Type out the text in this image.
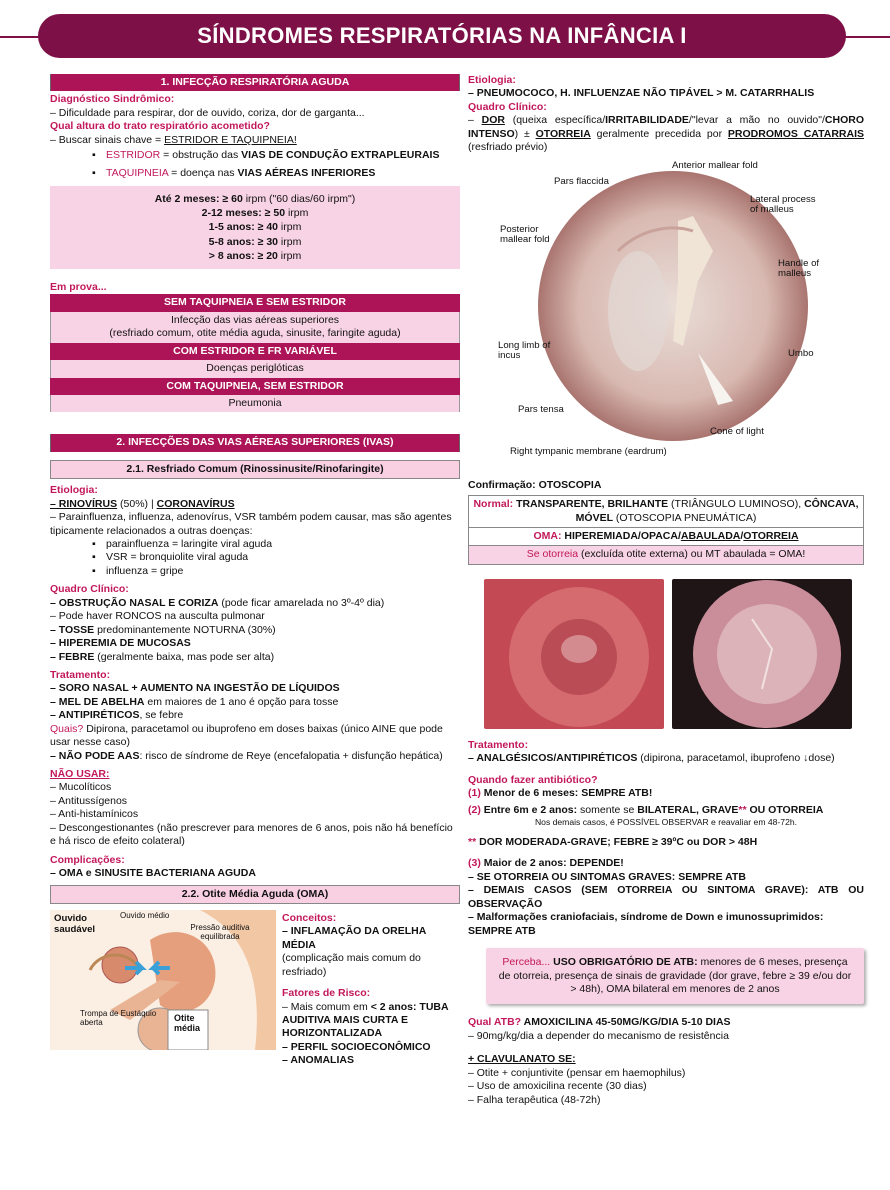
SÍNDROMES RESPIRATÓRIAS NA INFÂNCIA I
1. INFECÇÃO RESPIRATÓRIA AGUDA
Diagnóstico Sindrômico:
– Dificuldade para respirar, dor de ouvido, coriza, dor de garganta...
Qual altura do trato respiratório acometido?
– Buscar sinais chave = ESTRIDOR E TAQUIPNEIA!
▪ ESTRIDOR = obstrução das VIAS DE CONDUÇÃO EXTRAPLEURAIS
▪ TAQUIPNEIA = doença nas VIAS AÉREAS INFERIORES
Até 2 meses: ≥ 60 irpm ("60 dias/60 irpm")
2-12 meses: ≥ 50 irpm
1-5 anos: ≥ 40 irpm
5-8 anos: ≥ 30 irpm
> 8 anos: ≥ 20 irpm
Em prova...
SEM TAQUIPNEIA E SEM ESTRIDOR
Infecção das vias aéreas superiores
(resfriado comum, otite média aguda, sinusite, faringite aguda)
COM ESTRIDOR E FR VARIÁVEL
Doenças periglóticas
COM TAQUIPNEIA, SEM ESTRIDOR
Pneumonia
2. INFECÇÕES DAS VIAS AÉREAS SUPERIORES (IVAS)
2.1. Resfriado Comum (Rinossinusite/Rinofaringite)
Etiologia:
– RINOVÍRUS (50%) | CORONAVÍRUS
– Parainfluenza, influenza, adenovírus, VSR também podem causar, mas são agentes tipicamente relacionados a outras doenças:
▪ parainfluenza = laringite viral aguda
▪ VSR = bronquiolite viral aguda
▪ influenza = gripe
Quadro Clínico:
– OBSTRUÇÃO NASAL E CORIZA (pode ficar amarelada no 3º-4º dia)
– Pode haver RONCOS na ausculta pulmonar
– TOSSE predominantemente NOTURNA (30%)
– HIPEREMIA DE MUCOSAS
– FEBRE (geralmente baixa, mas pode ser alta)
Tratamento:
– SORO NASAL + AUMENTO NA INGESTÃO DE LÍQUIDOS
– MEL DE ABELHA em maiores de 1 ano é opção para tosse
– ANTIPIRÉTICOS, se febre
Quais? Dipirona, paracetamol ou ibuprofeno em doses baixas (único AINE que pode usar nesse caso)
– NÃO PODE AAS: risco de síndrome de Reye (encefalopatia + disfunção hepática)
NÃO USAR:
– Mucolíticos
– Antitussígenos
– Anti-histamínicos
– Descongestionantes (não prescrever para menores de 6 anos, pois não há benefício e há risco de efeito colateral)
Complicações:
– OMA e SINUSITE BACTERIANA AGUDA
2.2. Otite Média Aguda (OMA)
Ouvido saudável
Ouvido médio
Pressão auditiva equilibrada
Trompa de Eustáquio aberta	Otite média
Conceitos:
– INFLAMAÇÃO DA ORELHA MÉDIA
(complicação mais comum do resfriado)
Fatores de Risco:
– Mais comum em < 2 anos: TUBA AUDITIVA MAIS CURTA E HORIZONTALIZADA
– PERFIL SOCIOECONÔMICO
– ANOMALIAS
Etiologia:
– PNEUMOCOCO, H. INFLUENZAE NÃO TIPÁVEL > M. CATARRHALIS
Quadro Clínico:
– DOR (queixa específica/IRRITABILIDADE/"levar a mão no ouvido"/CHORO INTENSO) ± OTORREIA geralmente precedida por PRODROMOS CATARRAIS (resfriado prévio)
Anterior mallear fold
Pars flaccida
Lateral process of malleus
Posterior mallear fold
Handle of malleus
Long limb of incus	Umbo
Pars tensa
Cone of light
Right tympanic membrane (eardrum)
Confirmação: OTOSCOPIA
Normal: TRANSPARENTE, BRILHANTE (TRIÂNGULO LUMINOSO), CÔNCAVA, MÓVEL (OTOSCOPIA PNEUMÁTICA)
OMA: HIPEREMIADA/OPACA/ABAULADA/OTORREIA
Se otorreia (excluída otite externa) ou MT abaulada = OMA!
Tratamento:
– ANALGÉSICOS/ANTIPIRÉTICOS (dipirona, paracetamol, ibuprofeno ↓dose)
Quando fazer antibiótico?
(1) Menor de 6 meses: SEMPRE ATB!
(2) Entre 6m e 2 anos: somente se BILATERAL, GRAVE** OU OTORREIA
Nos demais casos, é POSSÍVEL OBSERVAR e reavaliar em 48-72h.
** DOR MODERADA-GRAVE; FEBRE ≥ 39ºC ou DOR > 48H
(3) Maior de 2 anos: DEPENDE!
– SE OTORREIA OU SINTOMAS GRAVES: SEMPRE ATB
– DEMAIS CASOS (SEM OTORREIA OU SINTOMA GRAVE): ATB OU OBSERVAÇÃO
– Malformações craniofaciais, síndrome de Down e imunossuprimidos: SEMPRE ATB
Perceba... USO OBRIGATÓRIO DE ATB: menores de 6 meses, presença de otorreia, presença de sinais de gravidade (dor grave, febre ≥ 39 e/ou dor > 48h), OMA bilateral em menores de 2 anos
Qual ATB? AMOXICILINA 45-50MG/KG/DIA 5-10 DIAS
– 90mg/kg/dia a depender do mecanismo de resistência
+ CLAVULANATO SE:
– Otite + conjuntivite (pensar em haemophilus)
– Uso de amoxicilina recente (30 dias)
– Falha terapêutica (48-72h)
